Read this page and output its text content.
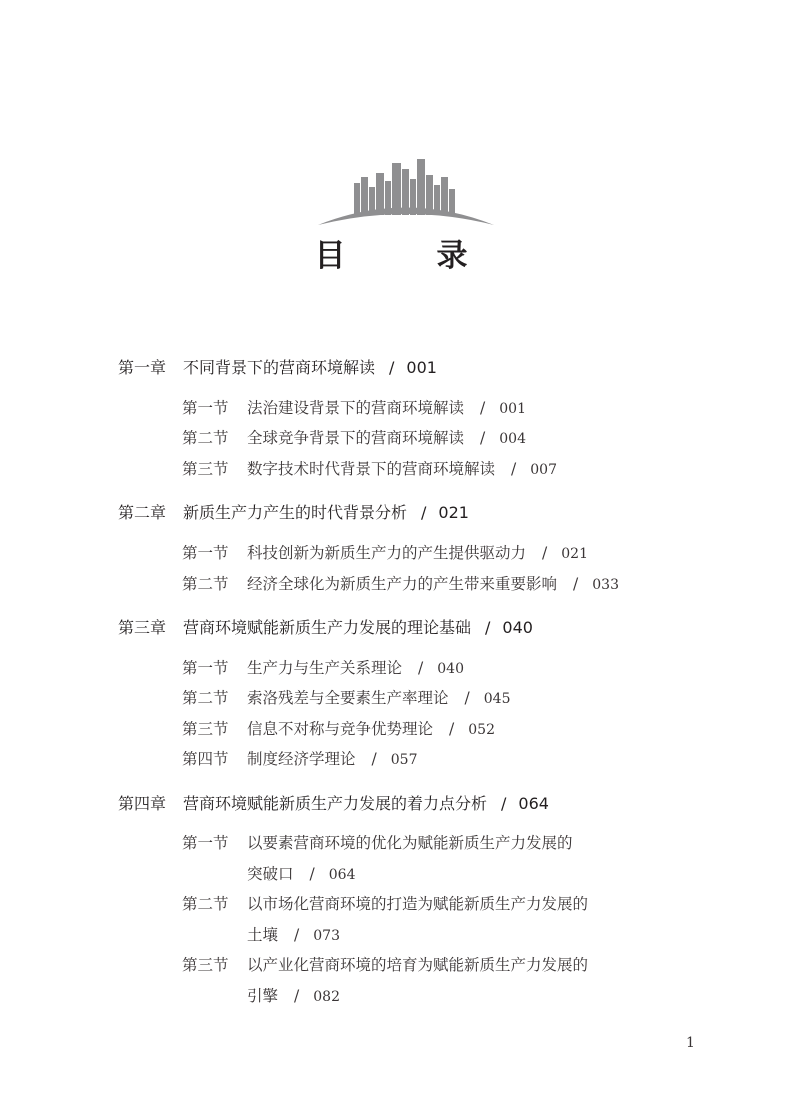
目　录
第一章 不同背景下的营商环境解读 / 001
第一节 法治建设背景下的营商环境解读 / 001
第二节 全球竞争背景下的营商环境解读 / 004
第三节 数字技术时代背景下的营商环境解读 / 007
第二章 新质生产力产生的时代背景分析 / 021
第一节 科技创新为新质生产力的产生提供驱动力 / 021
第二节 经济全球化为新质生产力的产生带来重要影响 / 033
第三章 营商环境赋能新质生产力发展的理论基础 / 040
第一节 生产力与生产关系理论 / 040
第二节 索洛残差与全要素生产率理论 / 045
第三节 信息不对称与竞争优势理论 / 052
第四节 制度经济学理论 / 057
第四章 营商环境赋能新质生产力发展的着力点分析 / 064
第一节 以要素营商环境的优化为赋能新质生产力发展的
突破口 / 064
第二节 以市场化营商环境的打造为赋能新质生产力发展的
土壤 / 073
第三节 以产业化营商环境的培育为赋能新质生产力发展的
引擎 / 082
1
